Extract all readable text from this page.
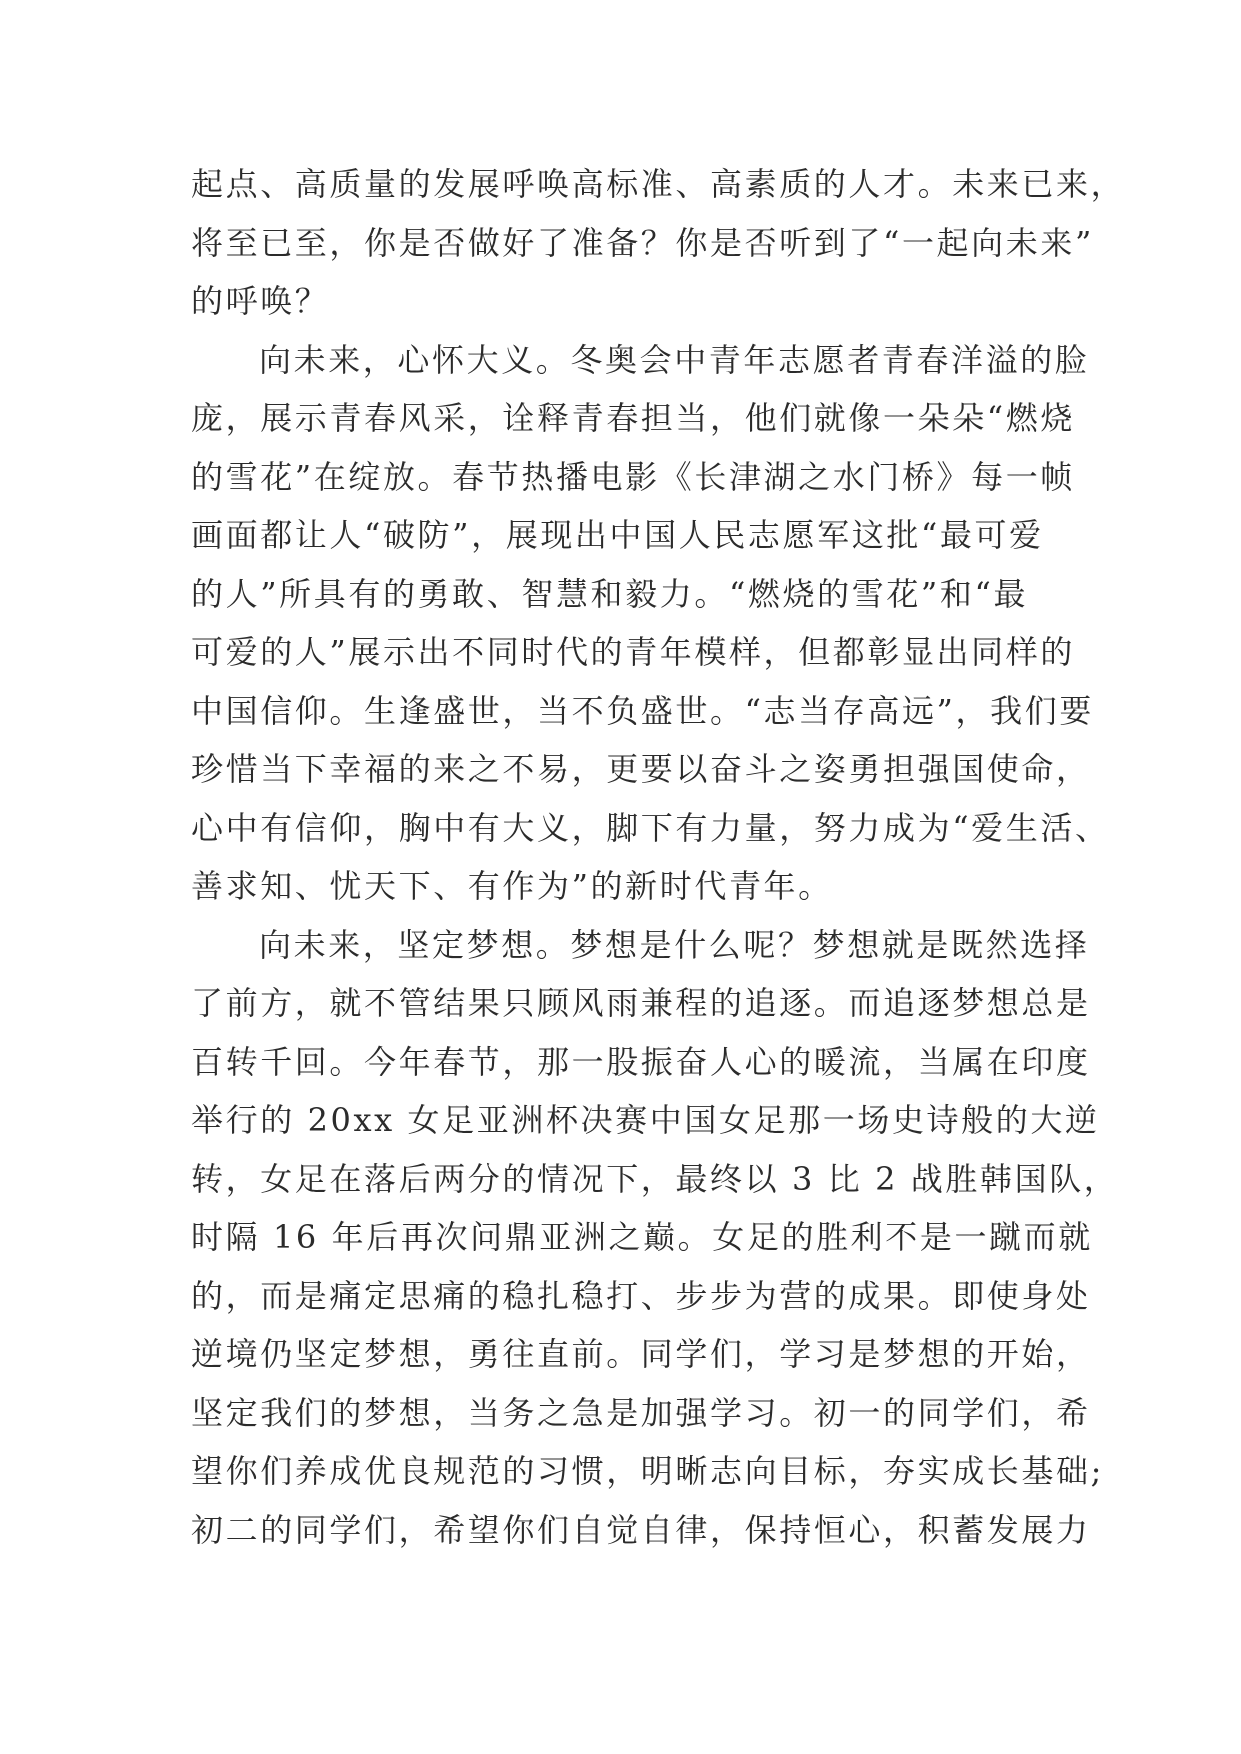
起点、高质量的发展呼唤高标准、高素质的人才。未来已来，
将至已至，你是否做好了准备？你是否听到了“一起向未来”
的呼唤？
向未来，心怀大义。冬奥会中青年志愿者青春洋溢的脸
庞，展示青春风采，诠释青春担当，他们就像一朵朵“燃烧
的雪花”在绽放。春节热播电影《长津湖之水门桥》每一帧
画面都让人“破防”，展现出中国人民志愿军这批“最可爱
的人”所具有的勇敢、智慧和毅力。“燃烧的雪花”和“最
可爱的人”展示出不同时代的青年模样，但都彰显出同样的
中国信仰。生逢盛世，当不负盛世。“志当存高远”，我们要
珍惜当下幸福的来之不易，更要以奋斗之姿勇担强国使命，
心中有信仰，胸中有大义，脚下有力量，努力成为“爱生活、
善求知、忧天下、有作为”的新时代青年。
向未来，坚定梦想。梦想是什么呢？梦想就是既然选择
了前方，就不管结果只顾风雨兼程的追逐。而追逐梦想总是
百转千回。今年春节，那一股振奋人心的暖流，当属在印度
举行的 20xx 女足亚洲杯决赛中国女足那一场史诗般的大逆
转，女足在落后两分的情况下，最终以 3 比 2 战胜韩国队，
时隔 16 年后再次问鼎亚洲之巅。女足的胜利不是一蹴而就
的，而是痛定思痛的稳扎稳打、步步为营的成果。即使身处
逆境仍坚定梦想，勇往直前。同学们，学习是梦想的开始，
坚定我们的梦想，当务之急是加强学习。初一的同学们，希
望你们养成优良规范的习惯，明晰志向目标，夯实成长基础;
初二的同学们，希望你们自觉自律，保持恒心，积蓄发展力
